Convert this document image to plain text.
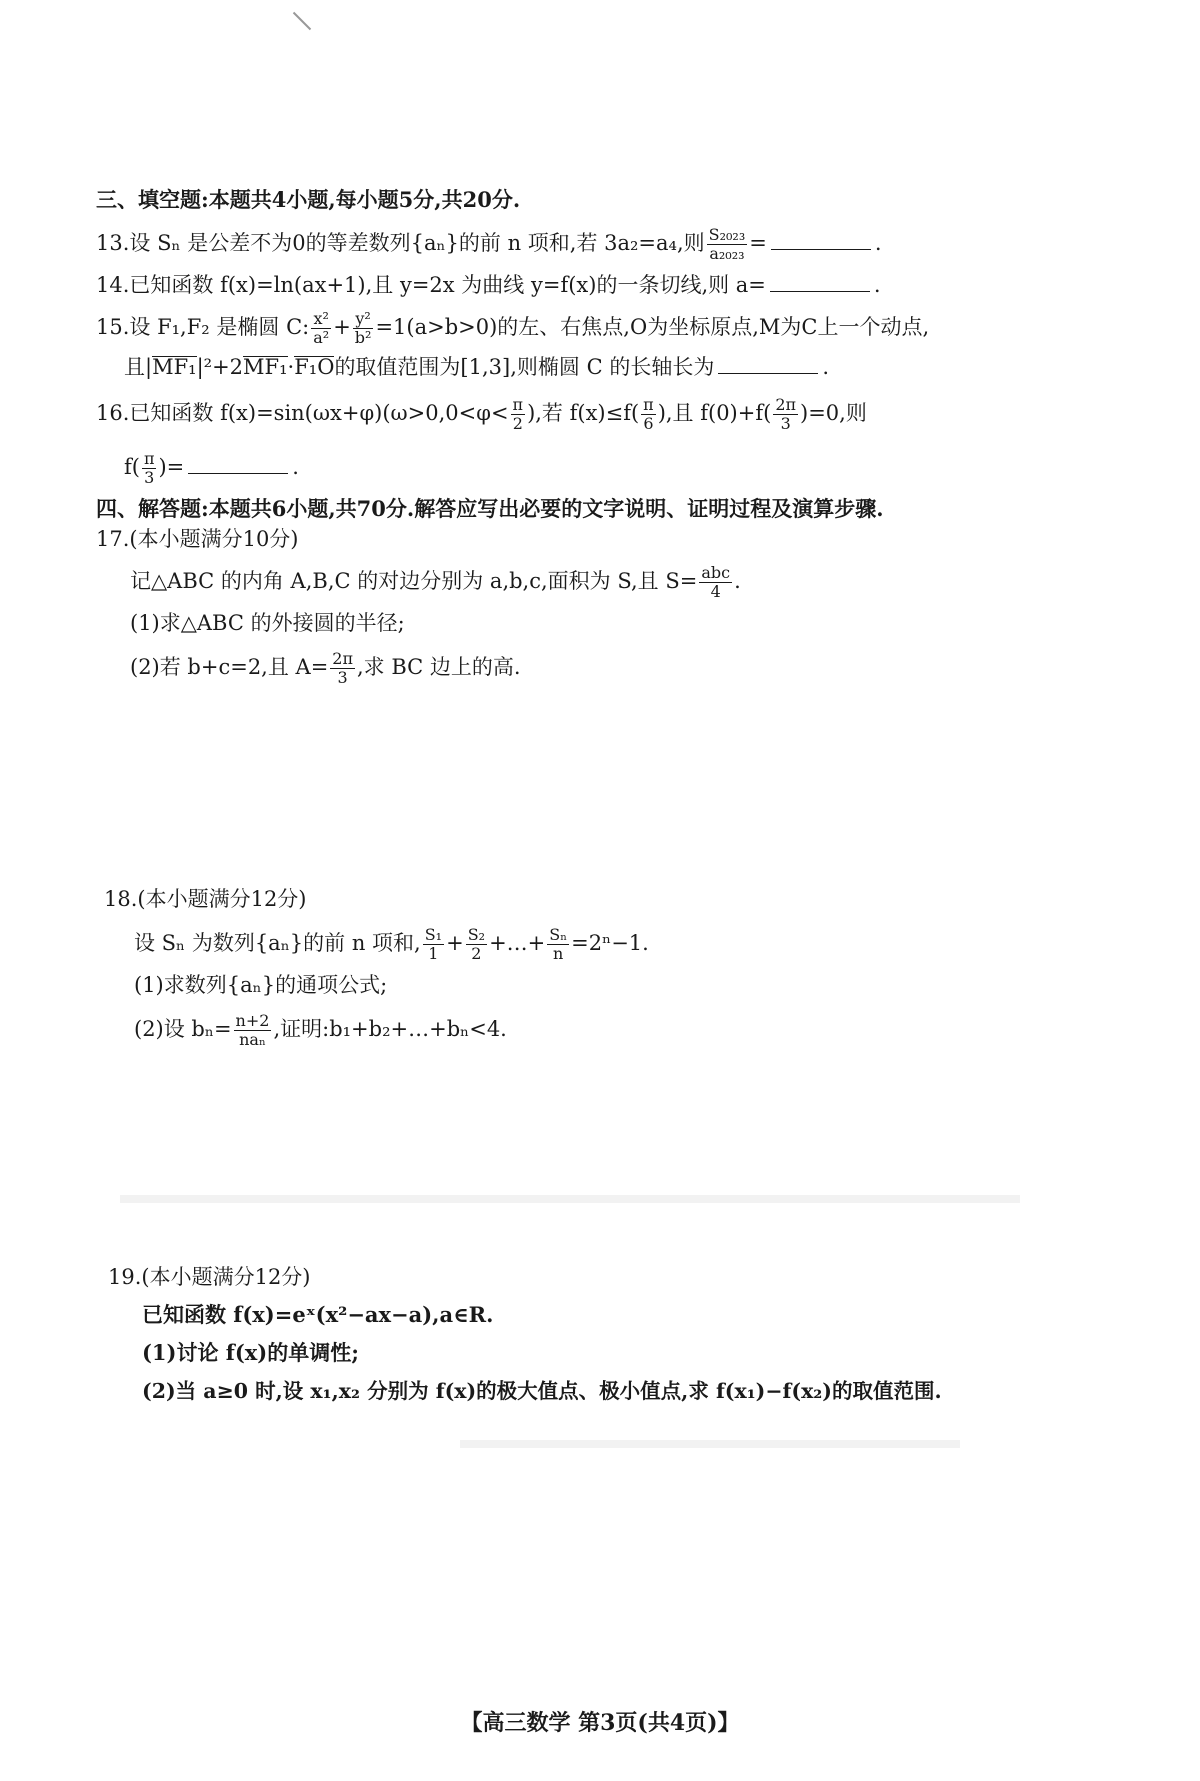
三、填空题:本题共4小题,每小题5分,共20分.
13.设 Sₙ 是公差不为0的等差数列{aₙ}的前 n 项和,若 3a₂=a₄,则 $\frac{\text{S₂₀₂₃}}{\text{a₂₀₂₃}}$ =	.
14.已知函数 f(x)=ln(ax+1),且 y=2x 为曲线 y=f(x)的一条切线,则 a=	.
15.设 F₁,F₂ 是椭圆 C: $\frac{\text{x²}}{\text{a²}} + \frac{\text{y²}}{\text{b²}} =1(a>b>0)$的左、右焦点,O为坐标原点,M为C上一个动点,
且|MF₁|²+2MF₁·F₁O的取值范围为[1,3],则椭圆 C 的长轴长为	.
16.已知函数 $f(x)=\sin(\omega x+\varphi)(\omega>0,0<\varphi< \frac{\pi}{2}$ ),若 $f(x)\le f( \frac{\pi}{6}$ ),且 $f(0)+f( \frac{2\pi}{3} )=0$,则
$f( \frac{\pi}{3}$ )=	.
四、解答题:本题共6小题,共70分.解答应写出必要的文字说明、证明过程及演算步骤.
17.(本小题满分10分)
记△ABC 的内角 A,B,C 的对边分别为 a,b,c,面积为 S,且 $S= \frac{\text{abc}}{4}$ .
(1)求△ABC 的外接圆的半径;
(2)若 b+c=2,且 $A= \frac{2\pi}{3}$ ,求 BC 边上的高.
18.(本小题满分12分)
设 Sₙ 为数列{aₙ}的前 n 项和, $\frac{\text{S₁}}{1} + \frac{\text{S₂}}{2}$ +…+ $\frac{\text{Sₙ}}{n} =2^n-1$.
(1)求数列{aₙ}的通项公式;
(2)设 $b_n= \frac{n+2}{\text{naₙ}}$ ,证明:b₁+b₂+…+bₙ<4.
19.(本小题满分12分)
已知函数 f(x)=eˣ(x²−ax−a),a∈R.
(1)讨论 f(x)的单调性;
(2)当 a≥0 时,设 x₁,x₂ 分别为 f(x)的极大值点、极小值点,求 f(x₁)−f(x₂)的取值范围.
【高三数学 第3页(共4页)】
